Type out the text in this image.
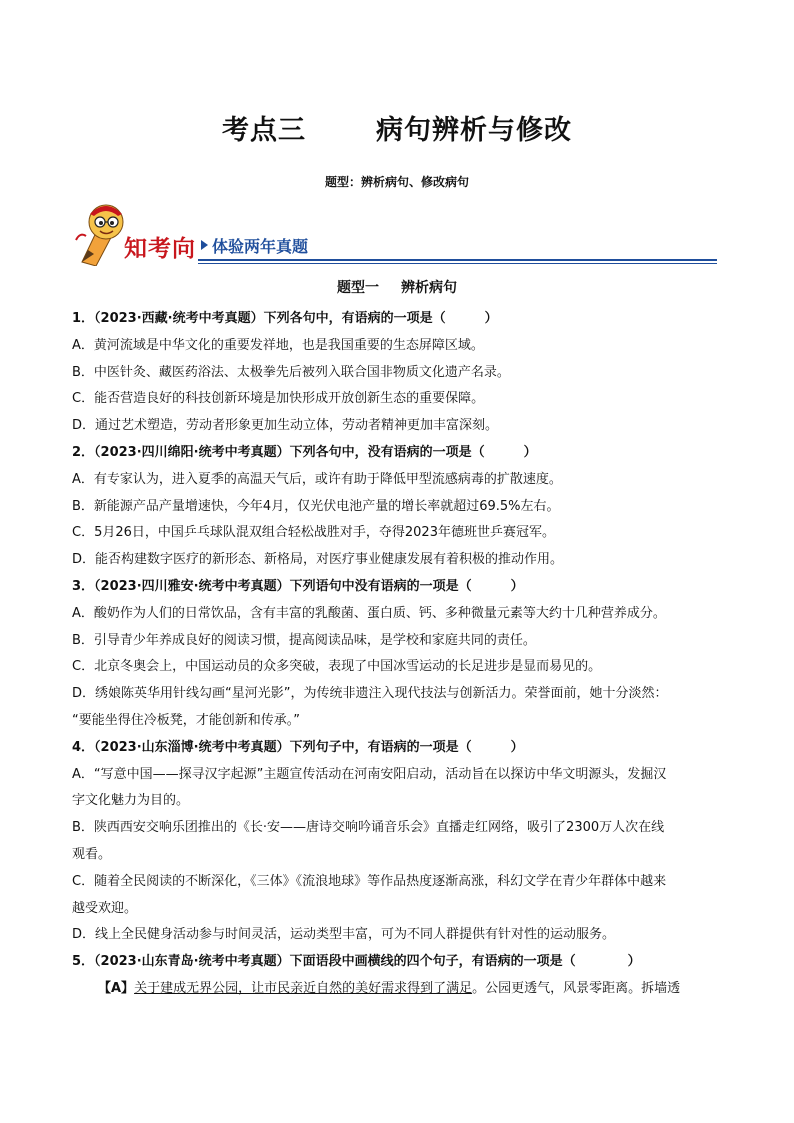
考点三	病句辨析与修改
题型：辨析病句、修改病句
知考向 体验两年真题
题型一 辨析病句
1．（2023·西藏·统考中考真题）下列各句中，有语病的一项是（　　　）
A．黄河流域是中华文化的重要发祥地，也是我国重要的生态屏障区域。
B．中医针灸、藏医药浴法、太极拳先后被列入联合国非物质文化遗产名录。
C．能否营造良好的科技创新环境是加快形成开放创新生态的重要保障。
D．通过艺术塑造，劳动者形象更加生动立体，劳动者精神更加丰富深刻。
2．（2023·四川绵阳·统考中考真题）下列各句中，没有语病的一项是（　　　）
A．有专家认为，进入夏季的高温天气后，或许有助于降低甲型流感病毒的扩散速度。
B．新能源产品产量增速快，今年4月，仅光伏电池产量的增长率就超过69.5%左右。
C．5月26日，中国乒乓球队混双组合轻松战胜对手，夺得2023年德班世乒赛冠军。
D．能否构建数字医疗的新形态、新格局，对医疗事业健康发展有着积极的推动作用。
3．（2023·四川雅安·统考中考真题）下列语句中没有语病的一项是（　　　）
A．酸奶作为人们的日常饮品，含有丰富的乳酸菌、蛋白质、钙、多种微量元素等大约十几种营养成分。
B．引导青少年养成良好的阅读习惯，提高阅读品味，是学校和家庭共同的责任。
C．北京冬奥会上，中国运动员的众多突破，表现了中国冰雪运动的长足进步是显而易见的。
D．绣娘陈英华用针线勾画“星河光影”，为传统非遗注入现代技法与创新活力。荣誉面前，她十分淡然：
“要能坐得住冷板凳，才能创新和传承。”
4．（2023·山东淄博·统考中考真题）下列句子中，有语病的一项是（　　　）
A．“写意中国——探寻汉字起源”主题宣传活动在河南安阳启动，活动旨在以探访中华文明源头，发掘汉
字文化魅力为目的。
B．陕西西安交响乐团推出的《长·安——唐诗交响吟诵音乐会》直播走红网络，吸引了2300万人次在线
观看。
C．随着全民阅读的不断深化，《三体》《流浪地球》等作品热度逐渐高涨，科幻文学在青少年群体中越来
越受欢迎。
D．线上全民健身活动参与时间灵活，运动类型丰富，可为不同人群提供有针对性的运动服务。
5．（2023·山东青岛·统考中考真题）下面语段中画横线的四个句子，有语病的一项是（　　　　）
【A】关于建成无界公园，让市民亲近自然的美好需求得到了满足。公园更透气，风景零距离。拆墙透
